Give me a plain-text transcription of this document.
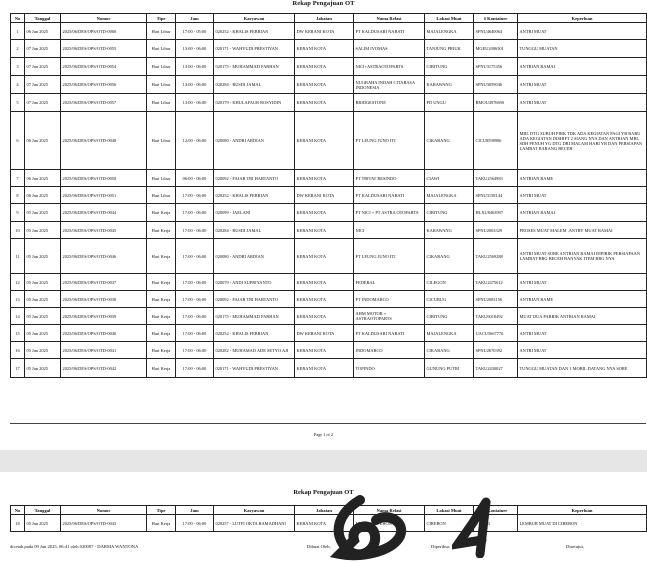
Rekap Pengajuan OT
No	Tanggal	Nomor	Tipe	Jam	Karyawan	Jabatan	Nama Relasi	Lokasi Muat	# Kontainer	Keperluan
1	06 Jun 2025	2025/06/DES/OPS/OTD-0060	Hari Libur	17:00 - 05:00	020252 - KHALIS FEBRIAN	DW KERANI KOTA	PT KALDUSARI NABATI	MAJALENGKA	SPNU4640064	ANTRI MUAT
2	07 Jun 2025	2025/06/DES/OPS/OTD-0055	Hari Libur	13:00 - 06:00	020171 - WAHYUDI PRESTIYAN	KERANI KOTA	SALIM IVOMAS	TANJUNG PRIUK	MGEU2006501	TUNGGU MUATAN
3	07 Jun 2025	2025/06/DES/OPS/OTD-0054	Hari Libur	13:00 - 06:00	020175 - MUHAMMAD FARHAN	KERANI KOTA	NICI+ASTRAOTOPARTS	CIBITUNG	SPNU3175356	ANTRIAN RAMAI
4	07 Jun 2025	2025/06/DES/OPS/OTD-0056	Hari Libur	13:00 - 06:00	020284 - RUSDI JAMAL	KERANI KOTA	NUGRAHA INDAH CITARASA INDONESIA	KARAWANG	SPNU3059046	ANTRI MUAT
5	07 Jun 2025	2025/06/DES/OPS/OTD-0057	Hari Libur	13:00 - 06:00	020179 - KHULAFAUR ROSYIDIN	KERANI KOTA	BRIDGESTONE	PD UNGU	BMOU4976690	ANTRI MUAT
6	06 Jun 2025	2025/06/DES/OPS/OTD-0048	Hari Libur	12:00 - 06:00	020080 - ANDRI ARDIAN	KERANI KOTA	PT LEUNG JUNO ITI	CIKARANG	CICU8598906	MBL DTG SUBUH PIRK TDK ADA KEGIATAN PAGI YB BARU ADA KEGIATAN DISHIFT 2 SIANG NYA DAN ANTRIAN MBL SDH PENUH YG DTG DRI MALAM HARI YB DAN PERSIAPAN LAMBAT BARANG BECEH
7	06 Jun 2025	2025/06/DES/OPS/OTD-0050	Hari Libur	06:00 - 06:00	020092 - FAJAR TRI HARTANTO	KERANI KOTA	PT TRITAT RESINDO	CIAWI	TAKU2564983	ANTRIAN RAME
8	06 Jun 2025	2025/06/DES/OPS/OTD-0051	Hari Libur	17:00 - 06:00	020252 - KHALIS FEBRIAN	DW KERANI KOTA	PT KALDUSARI NABATI	MAJALENGKA	SPNU3158144	ANTRI MUAT
9	05 Jun 2025	2025/06/DES/OPS/OTD-0044	Hari Kerja	17:00 - 06:00	020099 - JAELANI	KERANI KOTA	PT NICI + PT ASTRA OTOPARTS	CIBITUNG	HLXU8463997	ANTRIAN RAMAI
10	05 Jun 2025	2025/06/DES/OPS/OTD-0045	Hari Kerja	17:00 - 06:00	020284 - RUSDI JAMAL	KERANI KOTA	NICI	KARAWANG	SPNU2063329	PROSES MUAT MALEM ,ANTRY MUAT RAMAI
11	05 Jun 2025	2025/06/DES/OPS/OTD-0046	Hari Kerja	17:00 - 06:00	020080 - ANDRI ARDIAN	KERANI KOTA	PT LEUNG JUNO ITI	CIKARANG	TAKU2569288	ANTRI MUAT SORE ANTRIAN RAMAI DIPIRIK PERSIAPAAN LAMBAT BRG BECEH BANYAK ITEM BRG NYA
12	05 Jun 2025	2025/06/DES/OPS/OTD-0037	Hari Kerja	17:00 - 06:00	020079 - ANDI SUPRIYANTO	KERANI KOTA	FEDERAL	CILEGON	TAKU2475612	ANTRI MUAT
13	05 Jun 2025	2025/06/DES/OPS/OTD-0038	Hari Kerja	17:00 - 06:00	020092 - FAJAR TRI HARTANTO	KERANI KOTA	PT INDOMARCO	CICURUG	SPNU2083156	ANTRIAN RAME
14	05 Jun 2025	2025/06/DES/OPS/OTD-0039	Hari Kerja	17:00 - 06:00	020175 - MUHAMMAD FARHAN	KERANI KOTA	AHM MOTOR + ASTRAOTOPARTS	CIBITUNG	TAKU6018492	MUAT DUA PABRIK ANTRIAN RAMAI
15	05 Jun 2025	2025/06/DES/OPS/OTD-0040	Hari Kerja	17:00 - 06:00	020252 - KHALIS FEBRIAN	DW KERANI KOTA	PT KALDUSARI NABATI	MAJALENGKA	UACU5667776	ANTRI MUAT
16	05 Jun 2025	2025/06/DES/OPS/OTD-0041	Hari Kerja	17:00 - 06:00	020282 - MUHAMAD ADE SETYO AJI	KERANI KOTA	INDOMARCO	CIKARANG	SPNU2670392	ANTRI MUAT
17	05 Jun 2025	2025/06/DES/OPS/OTD-0042	Hari Kerja	17:00 - 06:00	020171 - WAHYUDI PRESTIYAN	KERANI KOTA	TOPINDO	GUNUNG PUTRI	TAKU2430027	TUNGGU MUATAN DAN 1 MOBIL DATANG NYA SORE
Page 1 of 2
Rekap Pengajuan OT
No	Tanggal	Nomor	Tipe	Jam	Karyawan	Jabatan	Nama Relasi	Lokasi Muat	# Kontainer	Keperluan
18	05 Jun 2025	2025/06/DES/OPS/OTD-0043	Hari Kerja	17:00 - 06:00	020257 - LUTFI OKTA RAMADHANI	KERANI KOTA	NI... HUBI... EHON	CIREBON	...95694	LEMBUR MUAT DI CIREBON
dicetak pada 09 Jun 2025, 06:41 oleh 020097 - DARMA WANTONA	Dibuat Oleh,	Diperiksa,	Disetujui,
